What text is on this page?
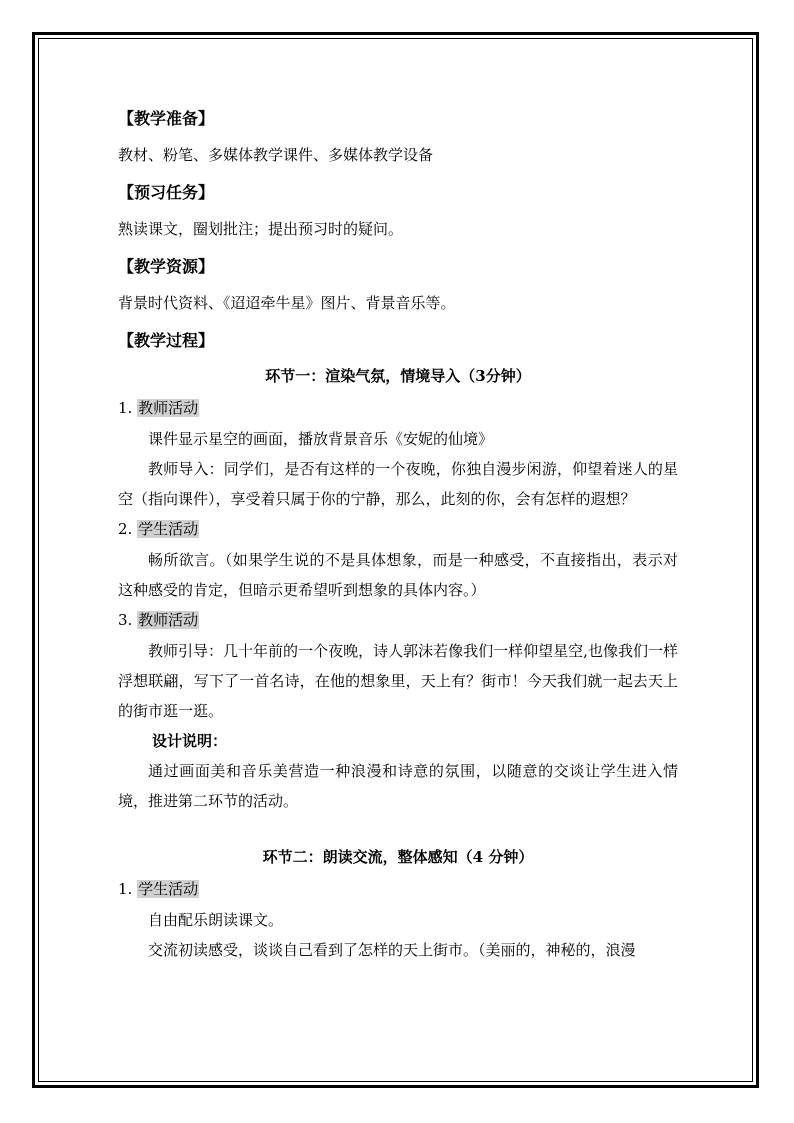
【教学准备】

教材、粉笔、多媒体教学课件、多媒体教学设备

【预习任务】

熟读课文，圈划批注；提出预习时的疑问。

【教学资源】

背景时代资料、《迢迢牵牛星》图片、背景音乐等。

【教学过程】

环节一：渲染气氛，情境导入（3分钟）

1. 教师活动

课件显示星空的画面，播放背景音乐《安妮的仙境》

教师导入：同学们，是否有这样的一个夜晚，你独自漫步闲游，仰望着迷人的星空（指向课件），享受着只属于你的宁静，那么，此刻的你，会有怎样的遐想？

2. 学生活动

畅所欲言。（如果学生说的不是具体想象，而是一种感受，不直接指出，表示对这种感受的肯定，但暗示更希望听到想象的具体内容。）

3. 教师活动

教师引导：几十年前的一个夜晚，诗人郭沫若像我们一样仰望星空,也像我们一样浮想联翩，写下了一首名诗，在他的想象里，天上有？街市！今天我们就一起去天上的街市逛一逛。

设计说明：

通过画面美和音乐美营造一种浪漫和诗意的氛围，以随意的交谈让学生进入情境，推进第二环节的活动。

环节二：朗读交流，整体感知（4 分钟）

1. 学生活动

自由配乐朗读课文。

交流初读感受，谈谈自己看到了怎样的天上街市。（美丽的，神秘的，浪漫
